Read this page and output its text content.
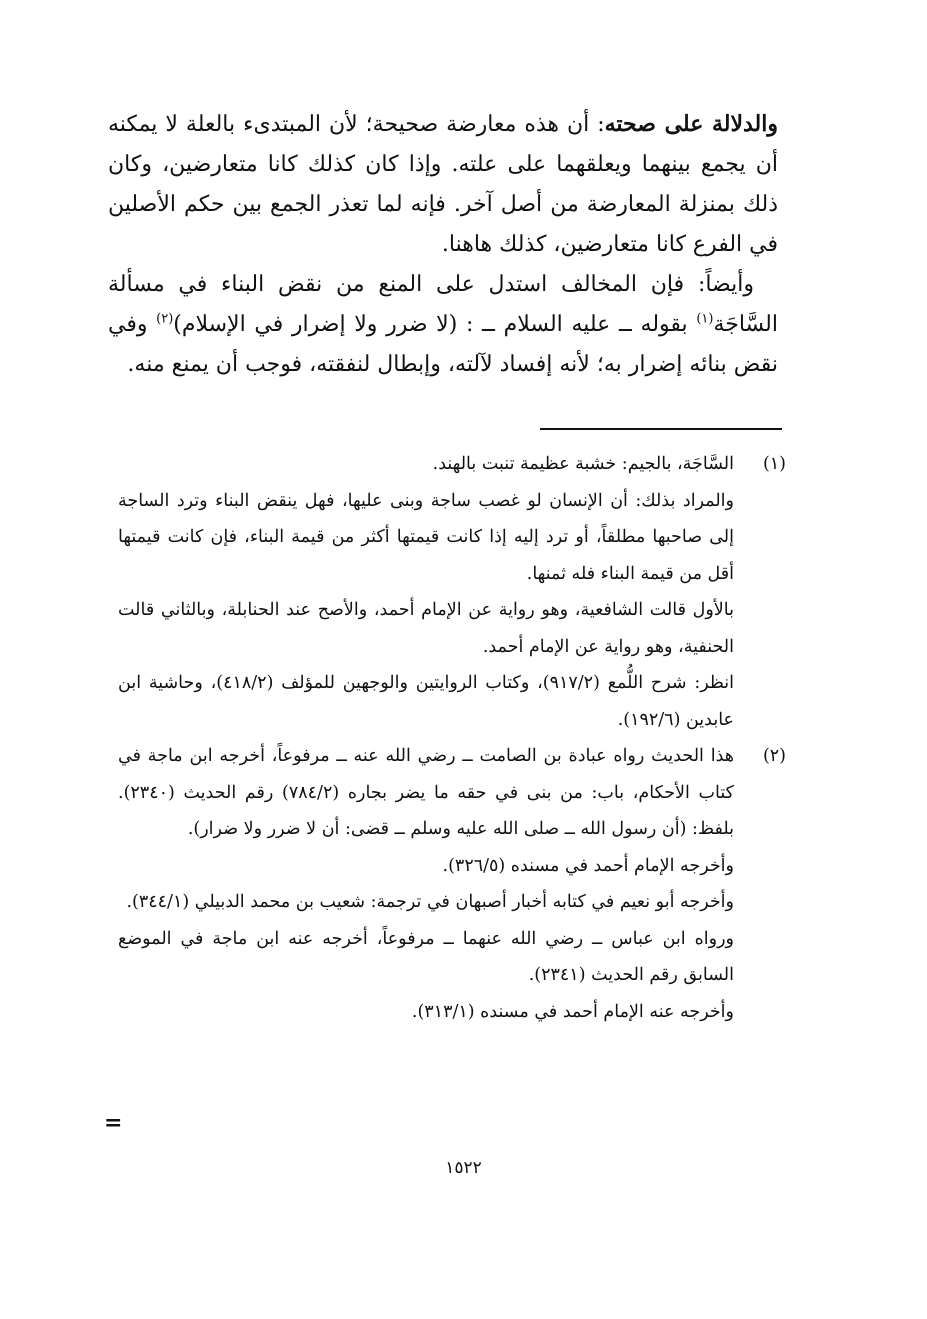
والدلالة على صحته: أن هذه معارضة صحيحة؛ لأن المبتدىء بالعلة لا يمكنه أن يجمع بينهما ويعلقهما على علته. وإذا كان كذلك كانا متعارضين، وكان ذلك بمنزلة المعارضة من أصل آخر. فإنه لما تعذر الجمع بين حكم الأصلين في الفرع كانا متعارضين، كذلك هاهنا.

وأيضاً: فإن المخالف استدل على المنع من نقض البناء في مسألة السَّاجَة$^{(١)}$ بقوله ــ عليه السلام ــ : (لا ضرر ولا إضرار في الإسلام)$^{(٢)}$ وفي نقض بنائه إضرار به؛ لأنه إفساد لآلته، وإبطال لنفقته، فوجب أن يمنع منه.

(١)

السَّاجَة، بالجيم: خشبة عظيمة تنبت بالهند.

والمراد بذلك: أن الإنسان لو غصب ساجة وبنى عليها، فهل ينقض البناء وترد الساجة إلى صاحبها مطلقاً، أو ترد إليه إذا كانت قيمتها أكثر من قيمة البناء، فإن كانت قيمتها أقل من قيمة البناء فله ثمنها.

بالأول قالت الشافعية، وهو رواية عن الإمام أحمد، والأصح عند الحنابلة، وبالثاني قالت الحنفية، وهو رواية عن الإمام أحمد.

انظر: شرح اللُّمع (٩١٧/٢)، وكتاب الروايتين والوجهين للمؤلف (٤١٨/٢)، وحاشية ابن عابدين (١٩٢/٦).

(٢)

هذا الحديث رواه عبادة بن الصامت ــ رضي الله عنه ــ مرفوعاً، أخرجه ابن ماجة في كتاب الأحكام، باب: من بنى في حقه ما يضر بجاره (٧٨٤/٢) رقم الحديث (٢٣٤٠). بلفظ: (أن رسول الله ــ صلى الله عليه وسلم ــ قضى: أن لا ضرر ولا ضرار).

وأخرجه الإمام أحمد في مسنده (٣٢٦/٥).

وأخرجه أبو نعيم في كتابه أخبار أصبهان في ترجمة: شعيب بن محمد الدبيلي (٣٤٤/١).

ورواه ابن عباس ــ رضي الله عنهما ــ مرفوعاً، أخرجه عنه ابن ماجة في الموضع السابق رقم الحديث (٢٣٤١).

وأخرجه عنه الإمام أحمد في مسنده (٣١٣/١).

=
١٥٢٢
